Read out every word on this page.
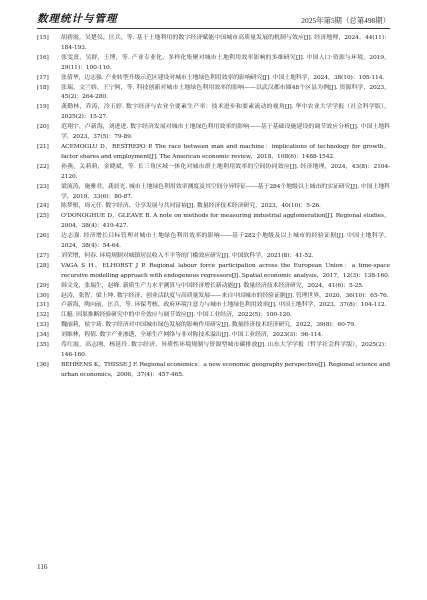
数理统计与管理	2025年第5期（总第498期）
[15]	胡碧霞，吴楚仪，匡兵，等. 基于土地利用的数字经济赋能中国城市高质量发展的机制与效应[J]. 经济地理，2024，44(11)：184-193.
[16]	张雯熹，吴群，王博，等. 产业专业化、多样化集聚对城市土地利用效率影响的多维研究[J]. 中国人口·资源与环境，2019，29(11)：100-110.
[17]	张倩华，边志强. 产业转型升级示范区建设对城市土地绿色利用效率的影响研究[J]. 中国土地科学，2024，38(10)：105-114.
[18]	张瑞，文兰娇，王宁阿，等. 科技创新对城市土地绿色利用效率的影响——以武汉都市圈48个区县为例[J]. 资源科学，2023，45(2)：264-280.
[19]	龚勤林，乔涛，冷玉婷. 数字经济与农业全要素生产率：技术进步和要素流动的视角[J]. 华中农业大学学报（社会科学版），2025(2)：15-27.
[20]	范翔宇，卢新海，刘进进. 数字经济发展对城市土地绿色利用效率的影响——基于基础设施建设的调节效应分析[J]. 中国土地科学，2023，37(5)：79-89.
[21]	ACEMOGLU D，RESTREPO P. The race between man and machine：implications of technology for growth，factor shares and employment[J]. The American economic review，2018，108(6)：1488-1542.
[22]	孙燕，关莉莉，金晓斌，等. 长三角区域一体化对城市群土地利用效率的空间协同效应[J]. 经济地理，2024，43(8)：2104-2120.
[23]	梁流涛，施雅君，龚晨光. 城市土地绿色利用效率测度及其空间分异特征——基于284个地级以上城市的实证研究[J]. 中国土地科学，2019，33(6)：80-87.
[24]	陈梦根，周元任. 数字经济、分享发展与共同富裕[J]. 数量经济技术经济研究，2023，40(10)：5-26.
[25]	O'DONOGHUE D，GLEAVE B. A note on methods for measuring industrial agglomeration[J]. Regional studies，2004，38(4)：419-427.
[26]	边志强. 经济增长目标管理对城市土地绿色利用效率的影响——基于282个地级及以上城市的经验证据[J]. 中国土地科学，2024，38(4)：54-64.
[27]	刘荣增，何春. 环境规制对城镇居民收入不平等的门槛效应研究[J]. 中国软科学，2021(8)：41-52.
[28]	VAGA S H，ELHORST J P. Regional labour force participation across the European Union：a time-space recursive modelling approach with endogenous regressors[J]. Spatial economic analysis，2017，12(3)：138-160.
[29]	韩文龙，张瑞生，赵峰. 新质生产力水平测算与中国经济增长新动能[J]. 数量经济技术经济研究，2024，41(6)：5-25.
[30]	赵涛，张智，梁上坤. 数字经济、创业活跃度与高质量发展——来自中国城市的经验证据[J]. 管理世界，2020，36(10)：65-76.
[31]	卢新海，陶向前，匡兵，等. 环保考核、政府环境注意力与城市土地绿色利用效率[J]. 中国土地科学，2023，37(8)：104-112.
[32]	江艇. 因果推断经验研究中的中介效应与调节效应[J]. 中国工业经济，2022(5)：100-120.
[33]	魏丽莉，侯宇琦. 数字经济对中国城市绿色发展的影响作用研究[J]. 数量经济技术经济研究，2022，39(8)：60-79.
[34]	刘维林，程倩. 数字产业渗透、全球生产网络与非对称技术溢出[J]. 中国工业经济，2023(3)：96-114.
[35]	苟红霞，高志刚，杨延玲. 数字经济、异质性环境规制与资源型城市碳排放[J]. 山东大学学报（哲学社会科学版），2025(2)：146-160.
[36]	BEHRENS K，THISSE J F. Regional economics：a new economic geography perspective[J]. Regional science and urban economics，2006，37(4)：457-465.
116
